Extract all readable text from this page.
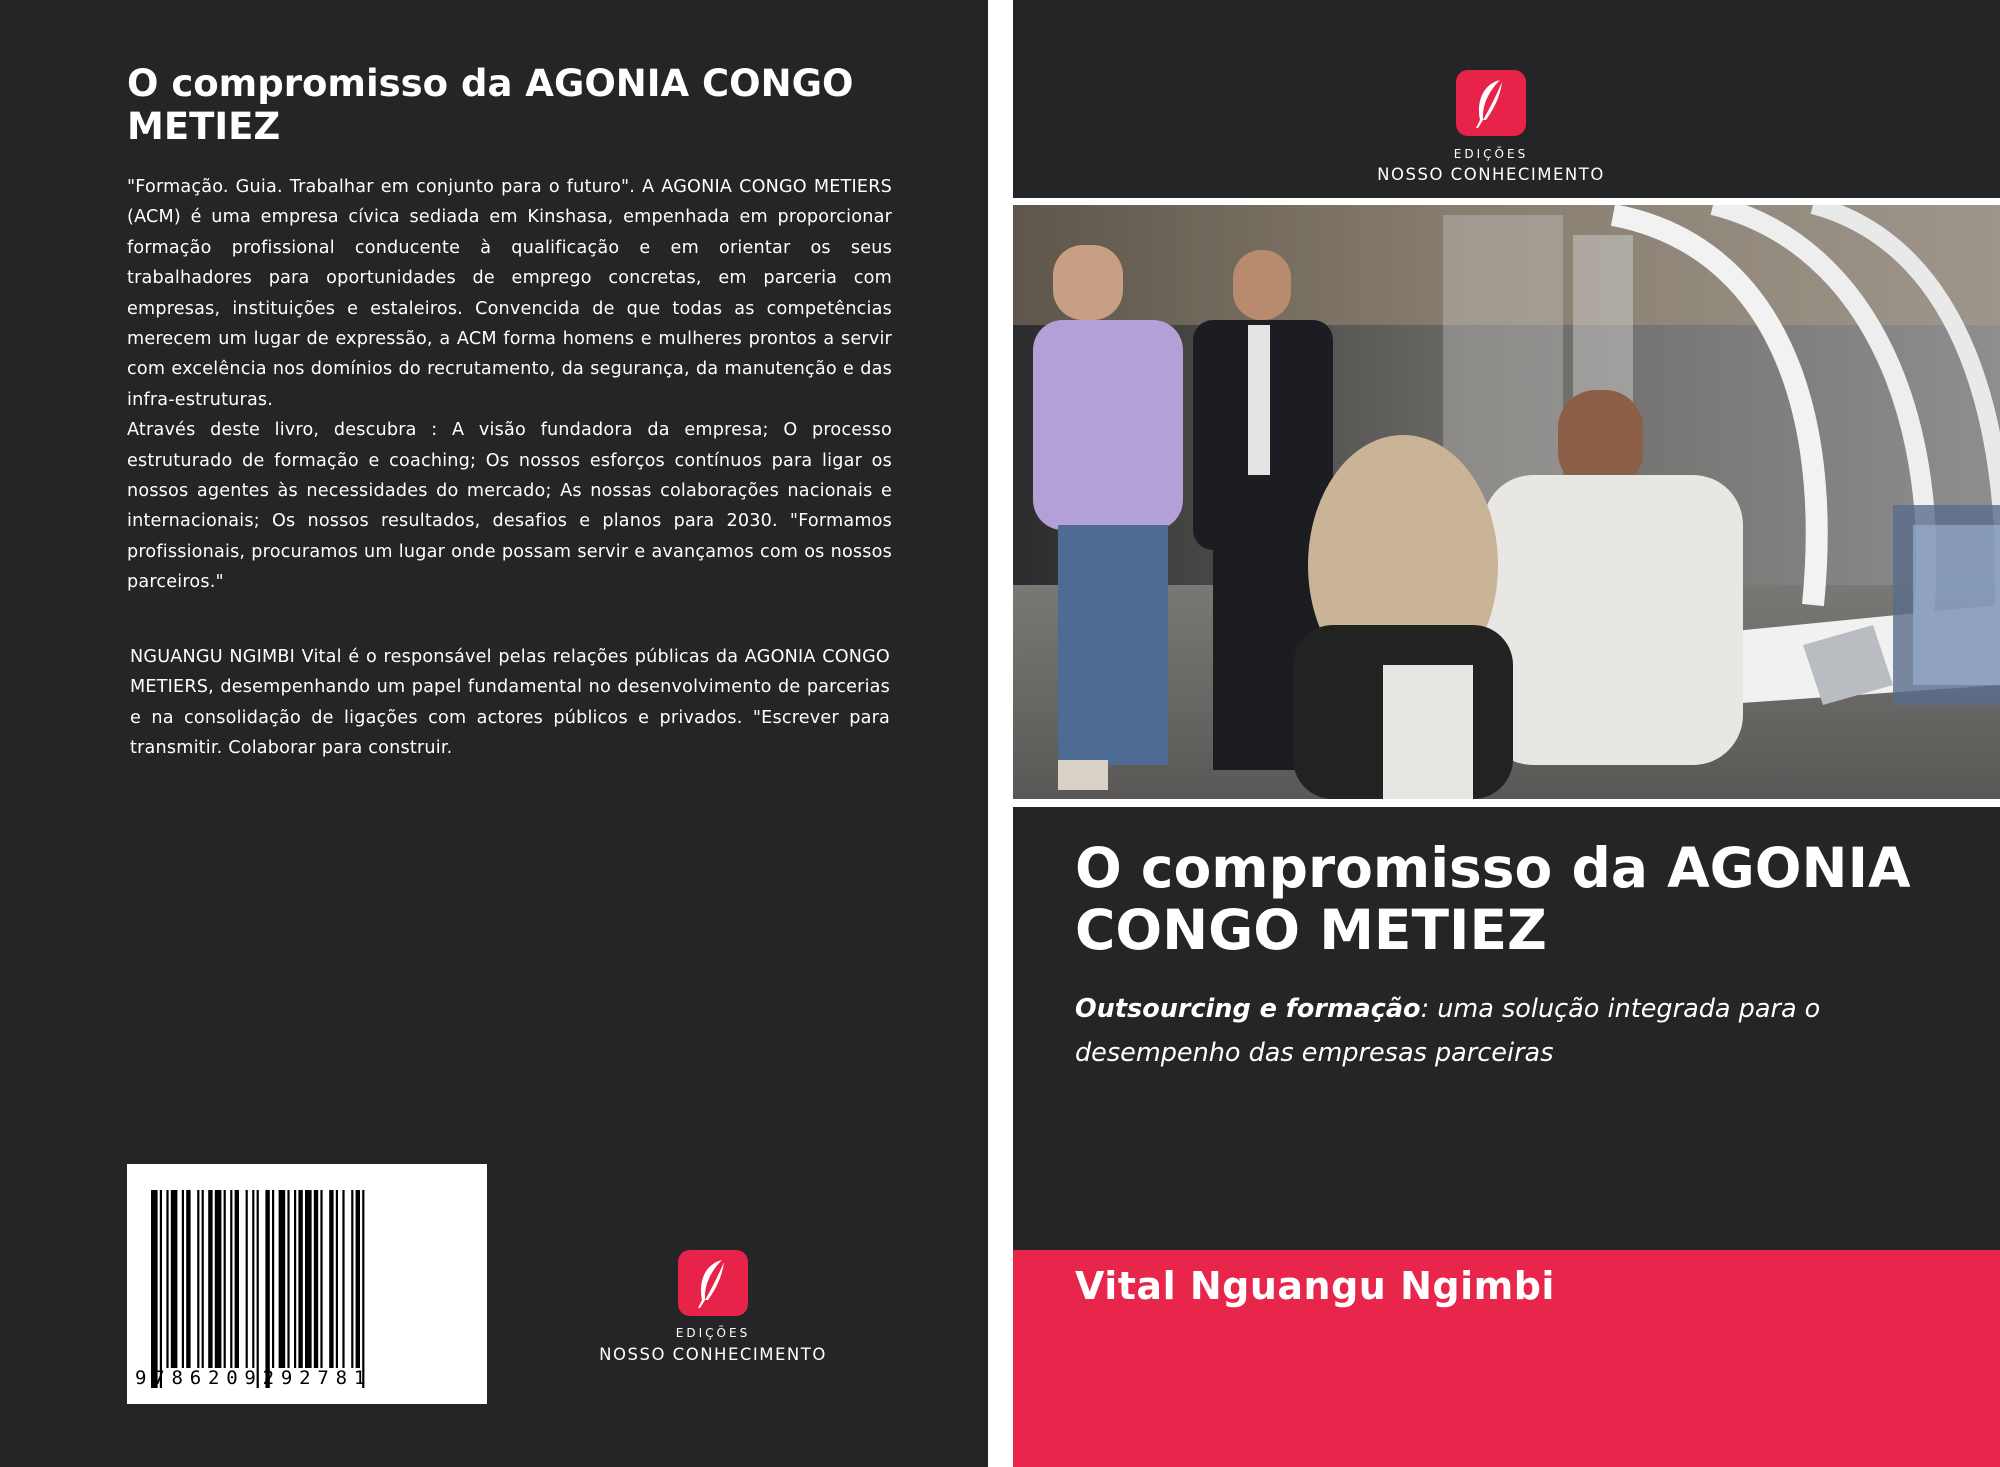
O compromisso da AGONIA CONGO METIEZ

"Formação. Guia. Trabalhar em conjunto para o futuro". A AGONIA CONGO METIERS (ACM) é uma empresa cívica sediada em Kinshasa, empenhada em proporcionar formação profissional conducente à qualificação e em orientar os seus trabalhadores para oportunidades de emprego concretas, em parceria com empresas, instituições e estaleiros. Convencida de que todas as competências merecem um lugar de expressão, a ACM forma homens e mulheres prontos a servir com excelência nos domínios do recrutamento, da segurança, da manutenção e das infra-estruturas.

Através deste livro, descubra : A visão fundadora da empresa; O processo estruturado de formação e coaching; Os nossos esforços contínuos para ligar os nossos agentes às necessidades do mercado; As nossas colaborações nacionais e internacionais; Os nossos resultados, desafios e planos para 2030. "Formamos profissionais, procuramos um lugar onde possam servir e avançamos com os nossos parceiros."

NGUANGU NGIMBI Vital é o responsável pelas relações públicas da AGONIA CONGO METIERS, desempenhando um papel fundamental no desenvolvimento de parcerias e na consolidação de ligações com actores públicos e privados. "Escrever para transmitir. Colaborar para construir.
9786209292781
EDIÇÕES
NOSSO CONHECIMENTO
EDIÇÕES
NOSSO CONHECIMENTO
O compromisso da AGONIA CONGO METIEZ
Outsourcing e formação: uma solução integrada para o desempenho das empresas parceiras
Vital Nguangu Ngimbi
